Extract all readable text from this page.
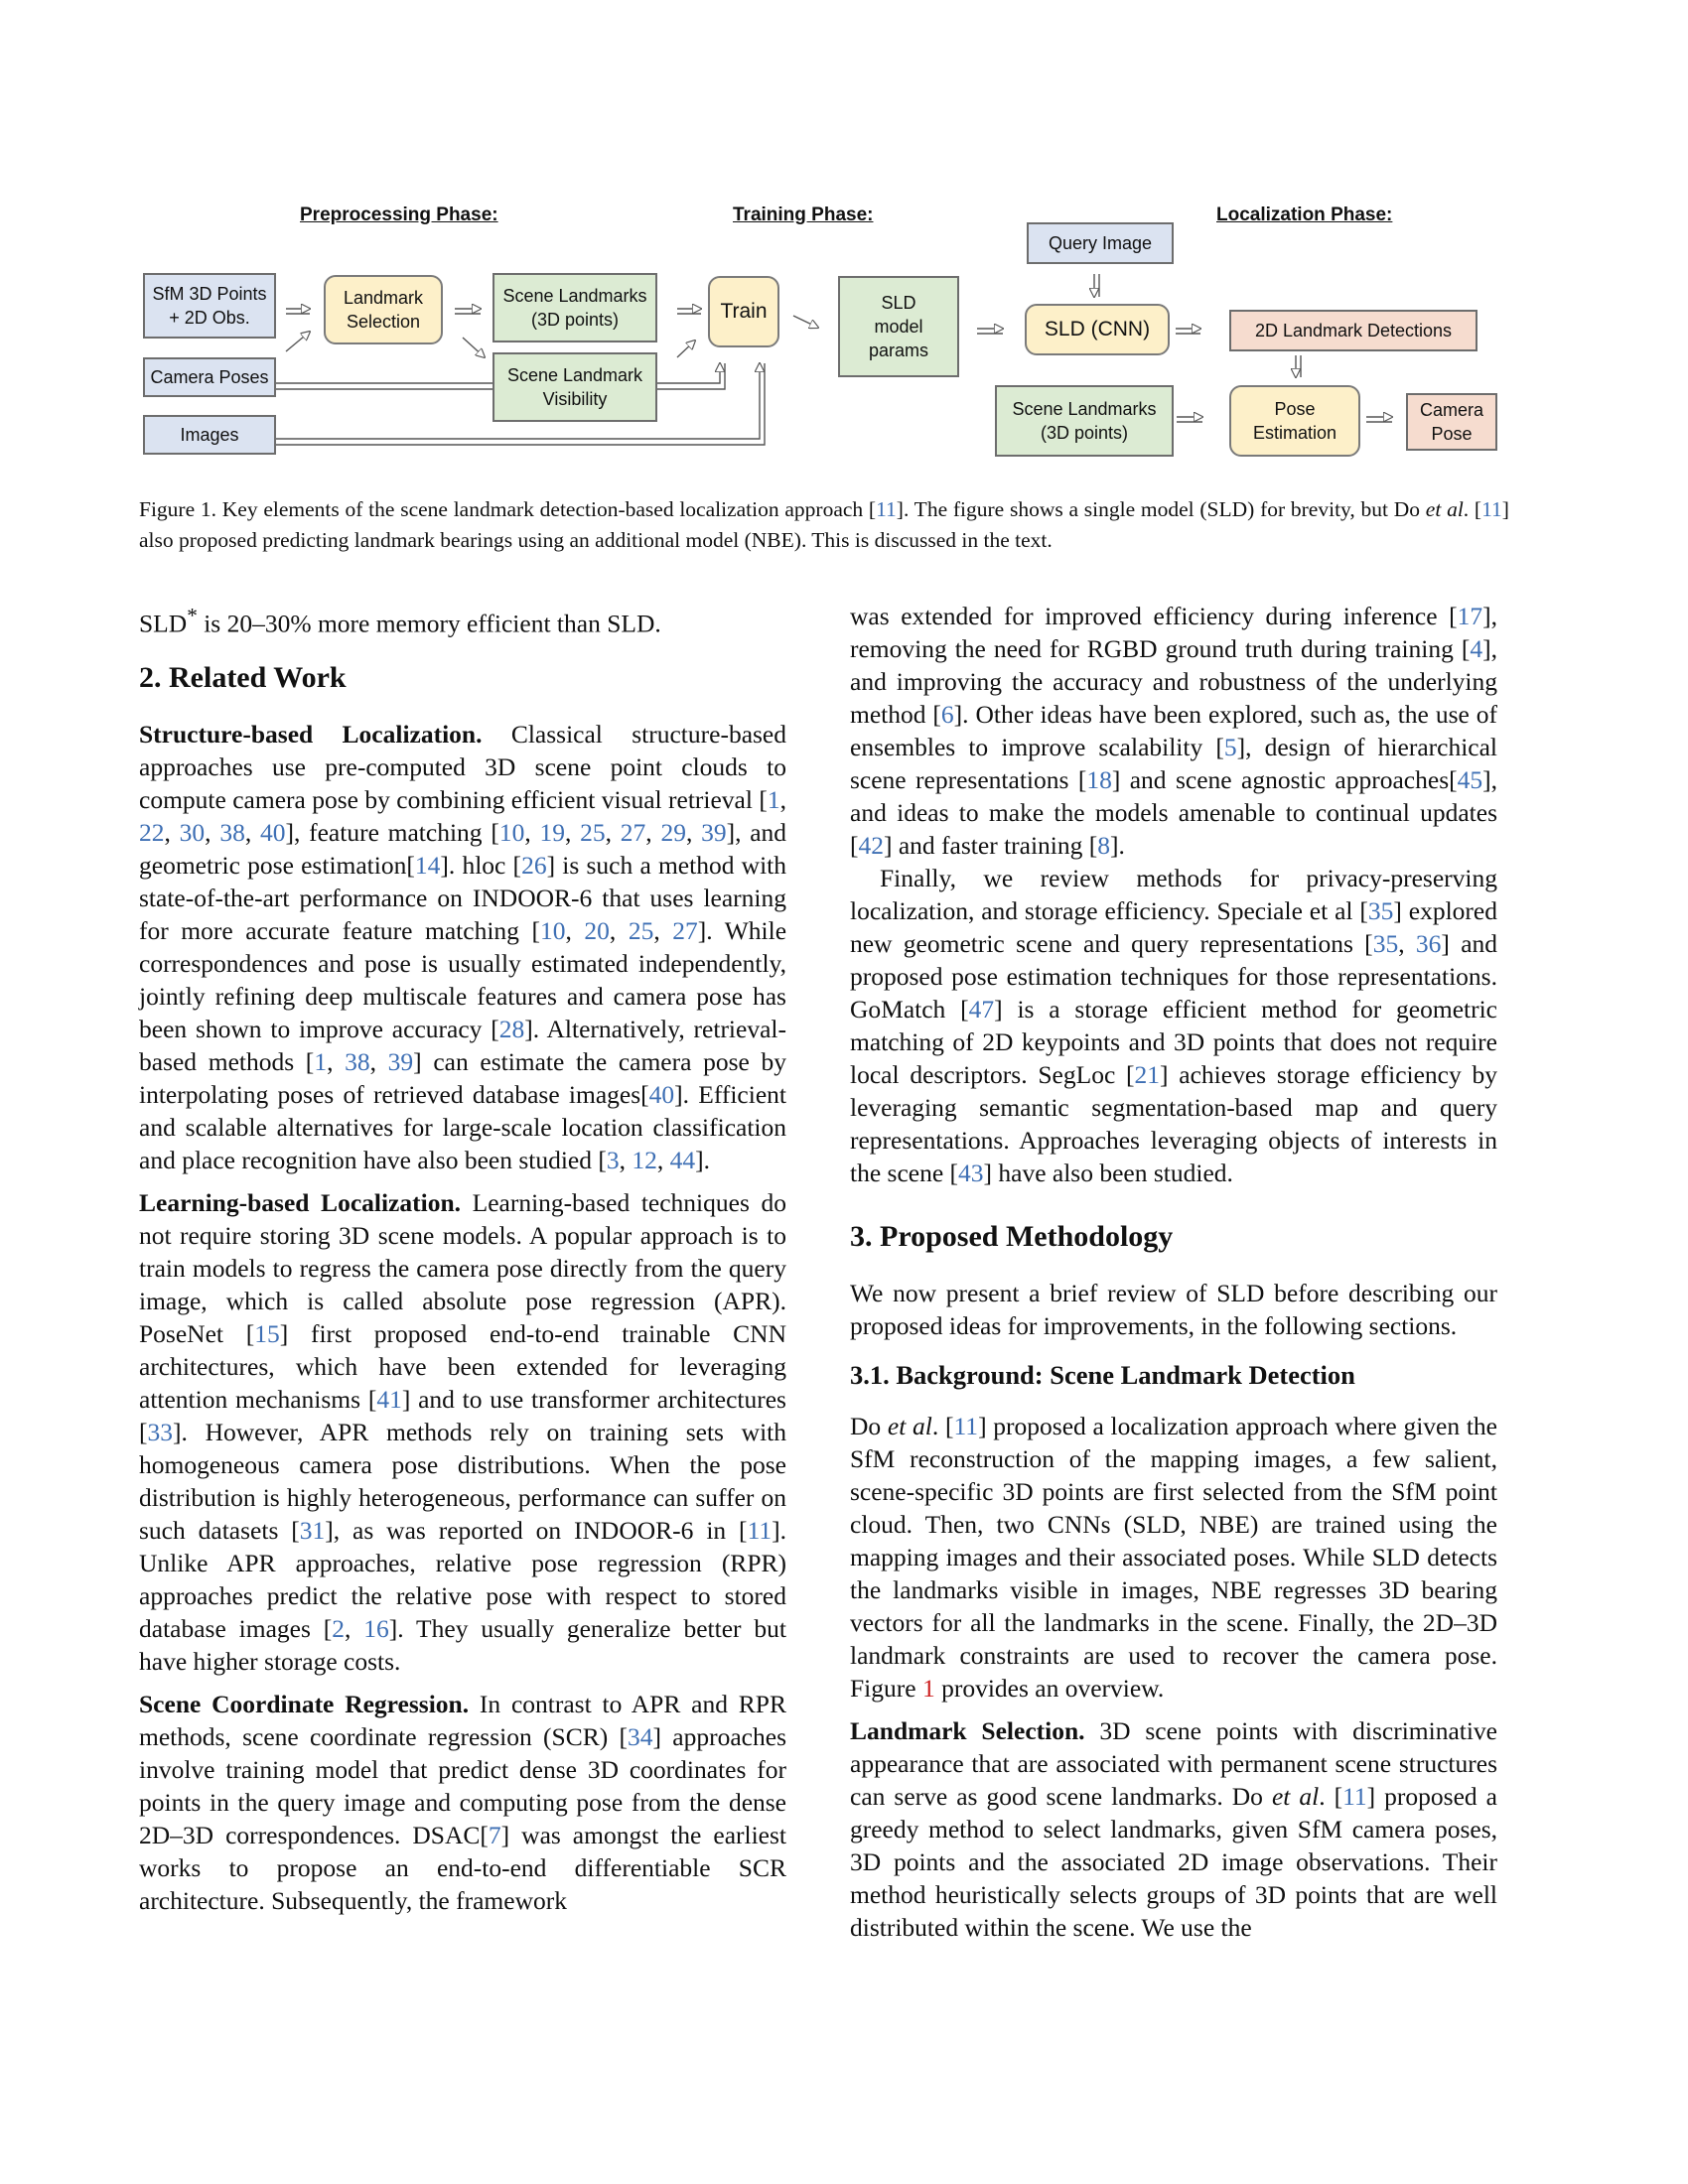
Preprocessing Phase:	Training Phase:	Localization Phase:
SfM 3D Points
+ 2D Obs.
Camera Poses
Images
Landmark
Selection
Scene Landmarks
(3D points)
Scene Landmark
Visibility
Train	SLD
model
params
Query Image
SLD (CNN)	2D Landmark Detections
Scene Landmarks
(3D points)
Pose
Estimation
Camera
Pose
Figure 1. Key elements of the scene landmark detection-based localization approach [11]. The figure shows a single model (SLD) for brevity, but Do et al. [11] also proposed predicting landmark bearings using an additional model (NBE). This is discussed in the text.

SLD* is 20–30% more memory efficient than SLD.

2. Related Work

Structure-based Localization. Classical structure-based approaches use pre-computed 3D scene point clouds to compute camera pose by combining efficient visual retrieval [1, 22, 30, 38, 40], feature matching [10, 19, 25, 27, 29, 39], and geometric pose estimation[14]. hloc [26] is such a method with state-of-the-art performance on INDOOR-6 that uses learning for more accurate feature matching [10, 20, 25, 27]. While correspondences and pose is usually estimated independently, jointly refining deep multiscale features and camera pose has been shown to improve accuracy [28]. Alternatively, retrieval-based methods [1, 38, 39] can estimate the camera pose by interpolating poses of retrieved database images[40]. Efficient and scalable alternatives for large-scale location classification and place recognition have also been studied [3, 12, 44].

Learning-based Localization. Learning-based techniques do not require storing 3D scene models. A popular approach is to train models to regress the camera pose directly from the query image, which is called absolute pose regression (APR). PoseNet [15] first proposed end-to-end trainable CNN architectures, which have been extended for leveraging attention mechanisms [41] and to use transformer architectures [33]. However, APR methods rely on training sets with homogeneous camera pose distributions. When the pose distribution is highly heterogeneous, performance can suffer on such datasets [31], as was reported on INDOOR-6 in [11]. Unlike APR approaches, relative pose regression (RPR) approaches predict the relative pose with respect to stored database images [2, 16]. They usually generalize better but have higher storage costs.

Scene Coordinate Regression. In contrast to APR and RPR methods, scene coordinate regression (SCR) [34] approaches involve training model that predict dense 3D coordinates for points in the query image and computing pose from the dense 2D–3D correspondences. DSAC[7] was amongst the earliest works to propose an end-to-end differentiable SCR architecture. Subsequently, the framework

was extended for improved efficiency during inference [17], removing the need for RGBD ground truth during training [4], and improving the accuracy and robustness of the underlying method [6]. Other ideas have been explored, such as, the use of ensembles to improve scalability [5], design of hierarchical scene representations [18] and scene agnostic approaches[45], and ideas to make the models amenable to continual updates [42] and faster training [8].

Finally, we review methods for privacy-preserving localization, and storage efficiency. Speciale et al [35] explored new geometric scene and query representations [35, 36] and proposed pose estimation techniques for those representations. GoMatch [47] is a storage efficient method for geometric matching of 2D keypoints and 3D points that does not require local descriptors. SegLoc [21] achieves storage efficiency by leveraging semantic segmentation-based map and query representations. Approaches leveraging objects of interests in the scene [43] have also been studied.

3. Proposed Methodology

We now present a brief review of SLD before describing our proposed ideas for improvements, in the following sections.

3.1. Background: Scene Landmark Detection

Do et al. [11] proposed a localization approach where given the SfM reconstruction of the mapping images, a few salient, scene-specific 3D points are first selected from the SfM point cloud. Then, two CNNs (SLD, NBE) are trained using the mapping images and their associated poses. While SLD detects the landmarks visible in images, NBE regresses 3D bearing vectors for all the landmarks in the scene. Finally, the 2D–3D landmark constraints are used to recover the camera pose. Figure 1 provides an overview.

Landmark Selection. 3D scene points with discriminative appearance that are associated with permanent scene structures can serve as good scene landmarks. Do et al. [11] proposed a greedy method to select landmarks, given SfM camera poses, 3D points and the associated 2D image observations. Their method heuristically selects groups of 3D points that are well distributed within the scene. We use the
